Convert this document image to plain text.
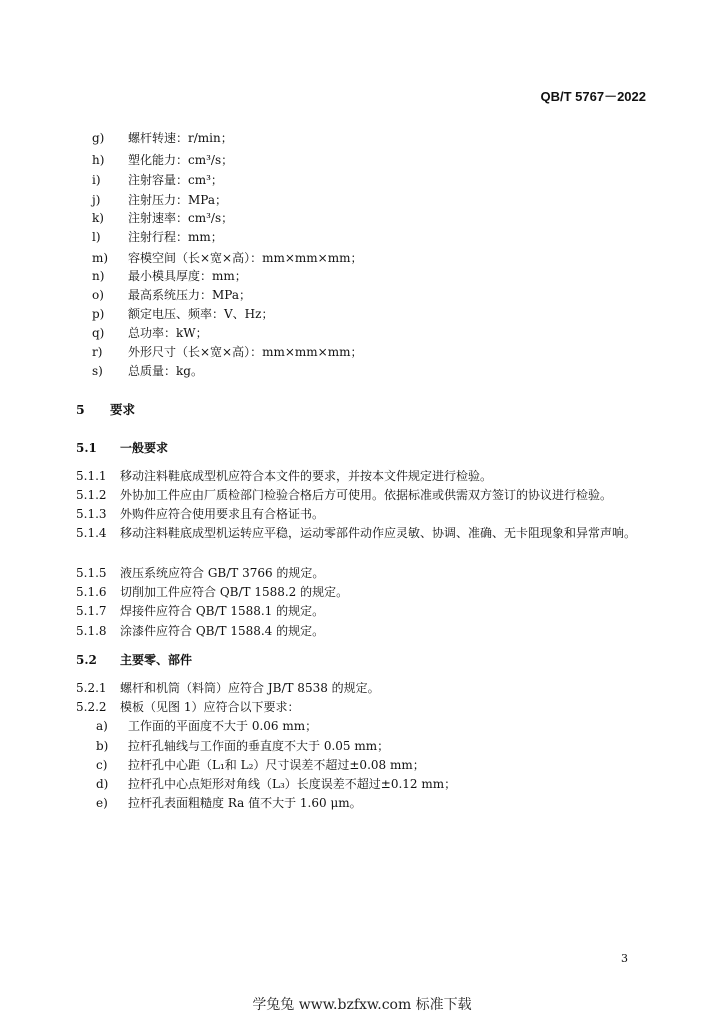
QB/T 5767－2022
g) 螺杆转速：r/min；
h) 塑化能力：cm³/s；
i) 注射容量：cm³；
j) 注射压力：MPa；
k) 注射速率：cm³/s；
l) 注射行程：mm；
m) 容模空间（长×宽×高）：mm×mm×mm；
n) 最小模具厚度：mm；
o) 最高系统压力：MPa；
p) 额定电压、频率：V、Hz；
q) 总功率：kW；
r) 外形尺寸（长×宽×高）：mm×mm×mm；
s) 总质量：kg。
5 要求
5.1 一般要求
5.1.1 移动注料鞋底成型机应符合本文件的要求，并按本文件规定进行检验。
5.1.2 外协加工件应由厂质检部门检验合格后方可使用。依据标准或供需双方签订的协议进行检验。
5.1.3 外购件应符合使用要求且有合格证书。
5.1.4 移动注料鞋底成型机运转应平稳，运动零部件动作应灵敏、协调、准确、无卡阻现象和异常声响。
5.1.5 液压系统应符合 GB/T 3766 的规定。
5.1.6 切削加工件应符合 QB/T 1588.2 的规定。
5.1.7 焊接件应符合 QB/T 1588.1 的规定。
5.1.8 涂漆件应符合 QB/T 1588.4 的规定。
5.2 主要零、部件
5.2.1 螺杆和机筒（料筒）应符合 JB/T 8538 的规定。
5.2.2 模板（见图 1）应符合以下要求：
a) 工作面的平面度不大于 0.06 mm；
b) 拉杆孔轴线与工作面的垂直度不大于 0.05 mm；
c) 拉杆孔中心距（L₁和 L₂）尺寸误差不超过±0.08 mm；
d) 拉杆孔中心点矩形对角线（L₃）长度误差不超过±0.12 mm；
e) 拉杆孔表面粗糙度 Ra 值不大于 1.60 μm。
3
学兔兔 www.bzfxw.com 标准下载
